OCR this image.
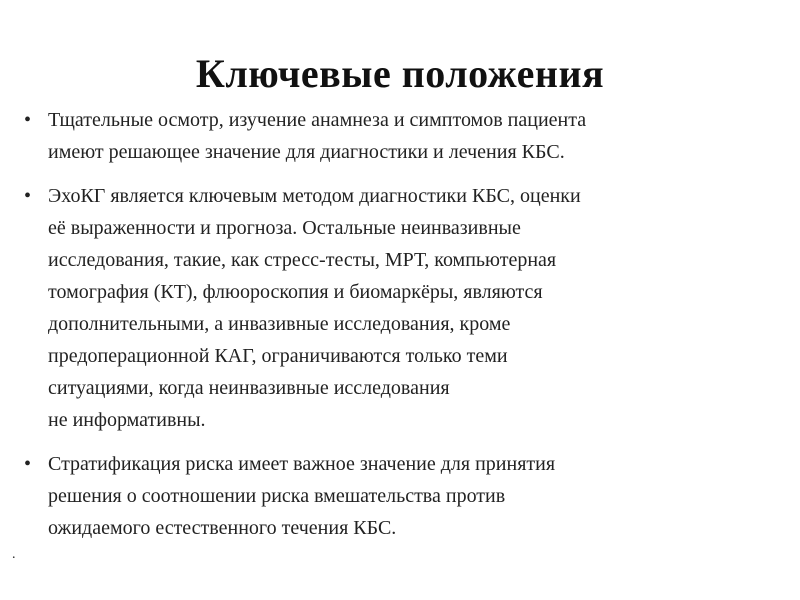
Ключевые положения
• Тщательные осмотр, изучение анамнеза и симптомов пациента
имеют решающее значение для диагностики и лечения КБС.
• ЭхоКГ является ключевым методом диагностики КБС, оценки
её выраженности и прогноза. Остальные неинвазивные
исследования, такие, как стресс-тесты, МРТ, компьютерная
томография (КТ), флюороскопия и биомаркёры, являются
дополнительными, а инвазивные исследования, кроме
предоперационной КАГ, ограничиваются только теми
ситуациями, когда неинвазивные исследования
не информативны.
• Стратификация риска имеет важное значение для принятия
решения о соотношении риска вмешательства против
ожидаемого естественного течения КБС.
.
